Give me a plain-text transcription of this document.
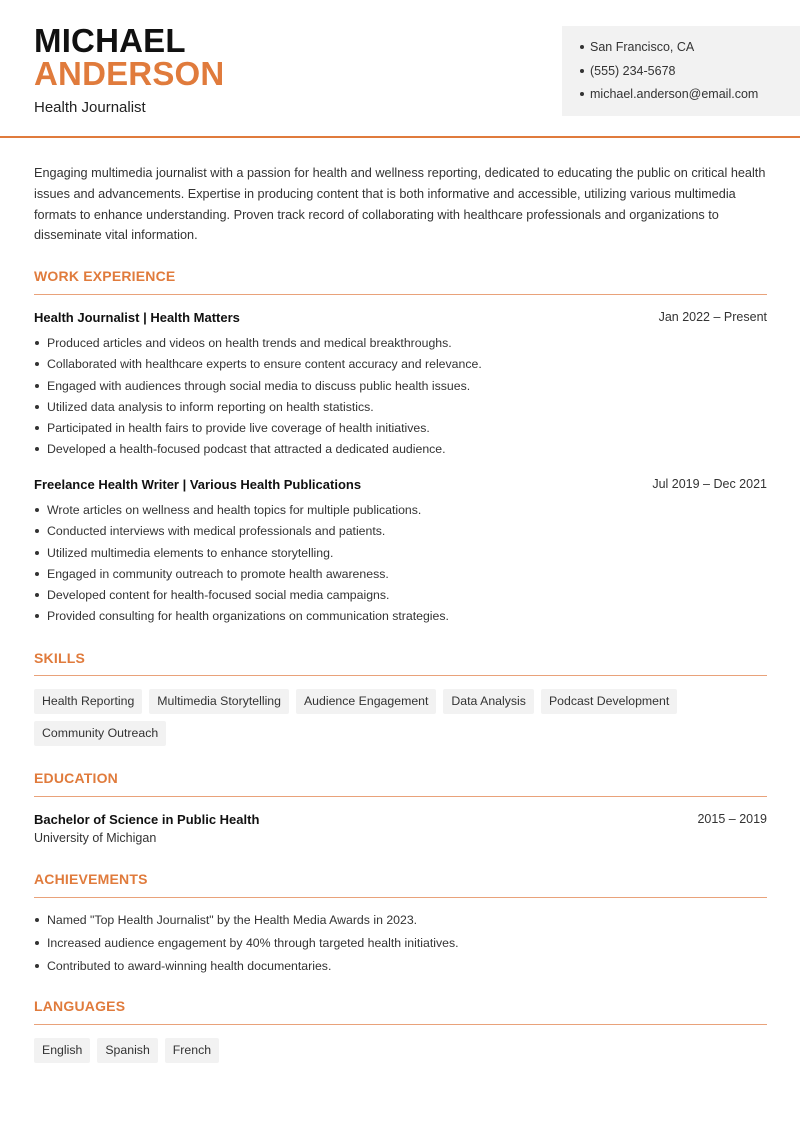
MICHAEL
ANDERSON
Health Journalist
San Francisco, CA
(555) 234-5678
michael.anderson@email.com
Engaging multimedia journalist with a passion for health and wellness reporting, dedicated to educating the public on critical health issues and advancements. Expertise in producing content that is both informative and accessible, utilizing various multimedia formats to enhance understanding. Proven track record of collaborating with healthcare professionals and organizations to disseminate vital information.
WORK EXPERIENCE
Health Journalist | Health Matters	Jan 2022 – Present
Produced articles and videos on health trends and medical breakthroughs.
Collaborated with healthcare experts to ensure content accuracy and relevance.
Engaged with audiences through social media to discuss public health issues.
Utilized data analysis to inform reporting on health statistics.
Participated in health fairs to provide live coverage of health initiatives.
Developed a health-focused podcast that attracted a dedicated audience.
Freelance Health Writer | Various Health Publications	Jul 2019 – Dec 2021
Wrote articles on wellness and health topics for multiple publications.
Conducted interviews with medical professionals and patients.
Utilized multimedia elements to enhance storytelling.
Engaged in community outreach to promote health awareness.
Developed content for health-focused social media campaigns.
Provided consulting for health organizations on communication strategies.
SKILLS
Health Reporting	Multimedia Storytelling	Audience Engagement	Data Analysis	Podcast Development
Community Outreach
EDUCATION
Bachelor of Science in Public Health	2015 – 2019
University of Michigan
ACHIEVEMENTS
Named "Top Health Journalist" by the Health Media Awards in 2023.
Increased audience engagement by 40% through targeted health initiatives.
Contributed to award-winning health documentaries.
LANGUAGES
English	Spanish	French
